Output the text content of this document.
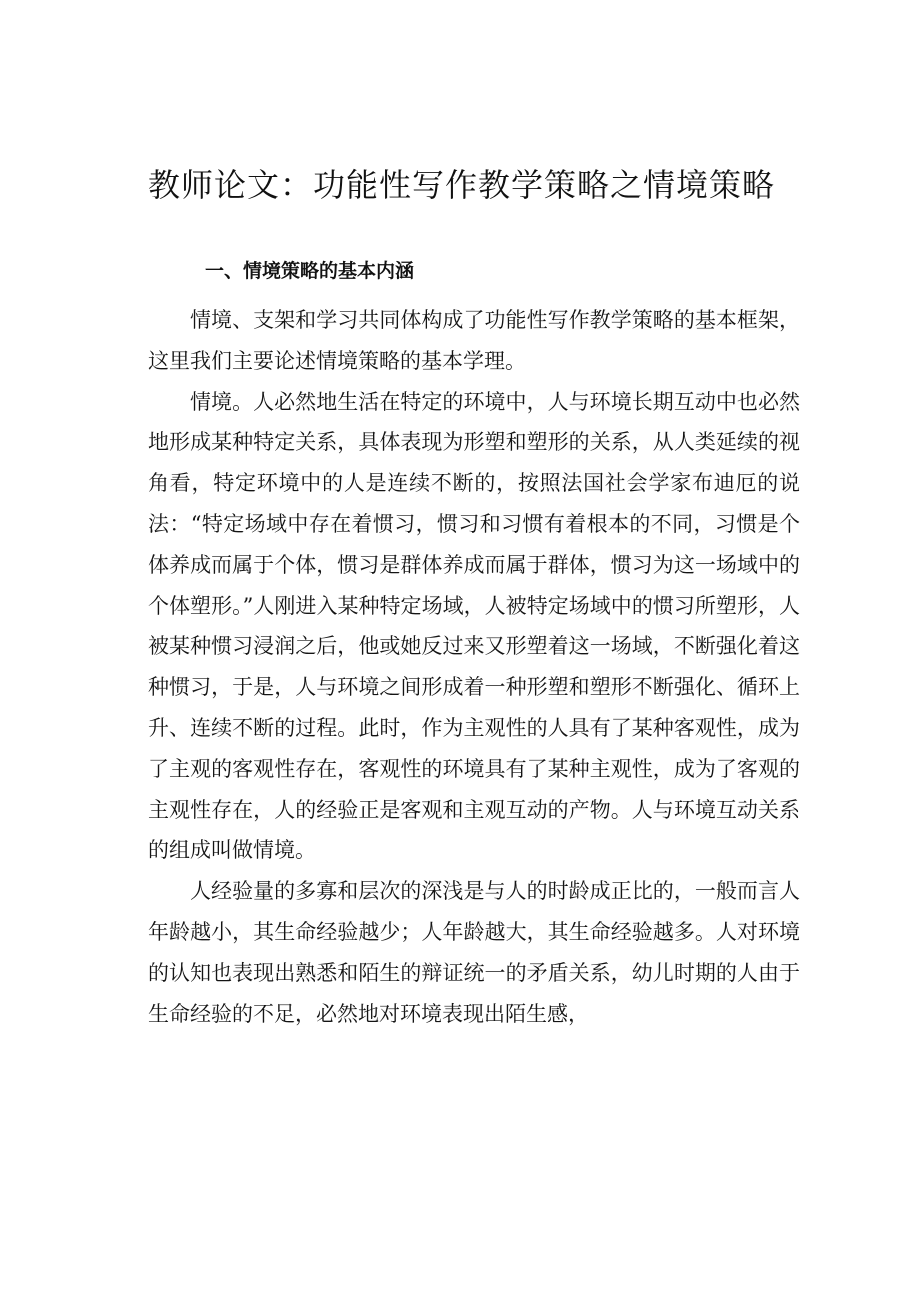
教师论文：功能性写作教学策略之情境策略
一、情境策略的基本内涵

情境、支架和学习共同体构成了功能性写作教学策略的基本框架，这里我们主要论述情境策略的基本学理。

情境。人必然地生活在特定的环境中，人与环境长期互动中也必然地形成某种特定关系，具体表现为形塑和塑形的关系，从人类延续的视角看，特定环境中的人是连续不断的，按照法国社会学家布迪厄的说法：“特定场域中存在着惯习，惯习和习惯有着根本的不同，习惯是个体养成而属于个体，惯习是群体养成而属于群体，惯习为这一场域中的个体塑形。”人刚进入某种特定场域，人被特定场域中的惯习所塑形，人被某种惯习浸润之后，他或她反过来又形塑着这一场域，不断强化着这种惯习，于是，人与环境之间形成着一种形塑和塑形不断强化、循环上升、连续不断的过程。此时，作为主观性的人具有了某种客观性，成为了主观的客观性存在，客观性的环境具有了某种主观性，成为了客观的主观性存在，人的经验正是客观和主观互动的产物。人与环境互动关系的组成叫做情境。

人经验量的多寡和层次的深浅是与人的时龄成正比的，一般而言人年龄越小，其生命经验越少；人年龄越大，其生命经验越多。人对环境的认知也表现出熟悉和陌生的辩证统一的矛盾关系，幼儿时期的人由于生命经验的不足，必然地对环境表现出陌生感，
